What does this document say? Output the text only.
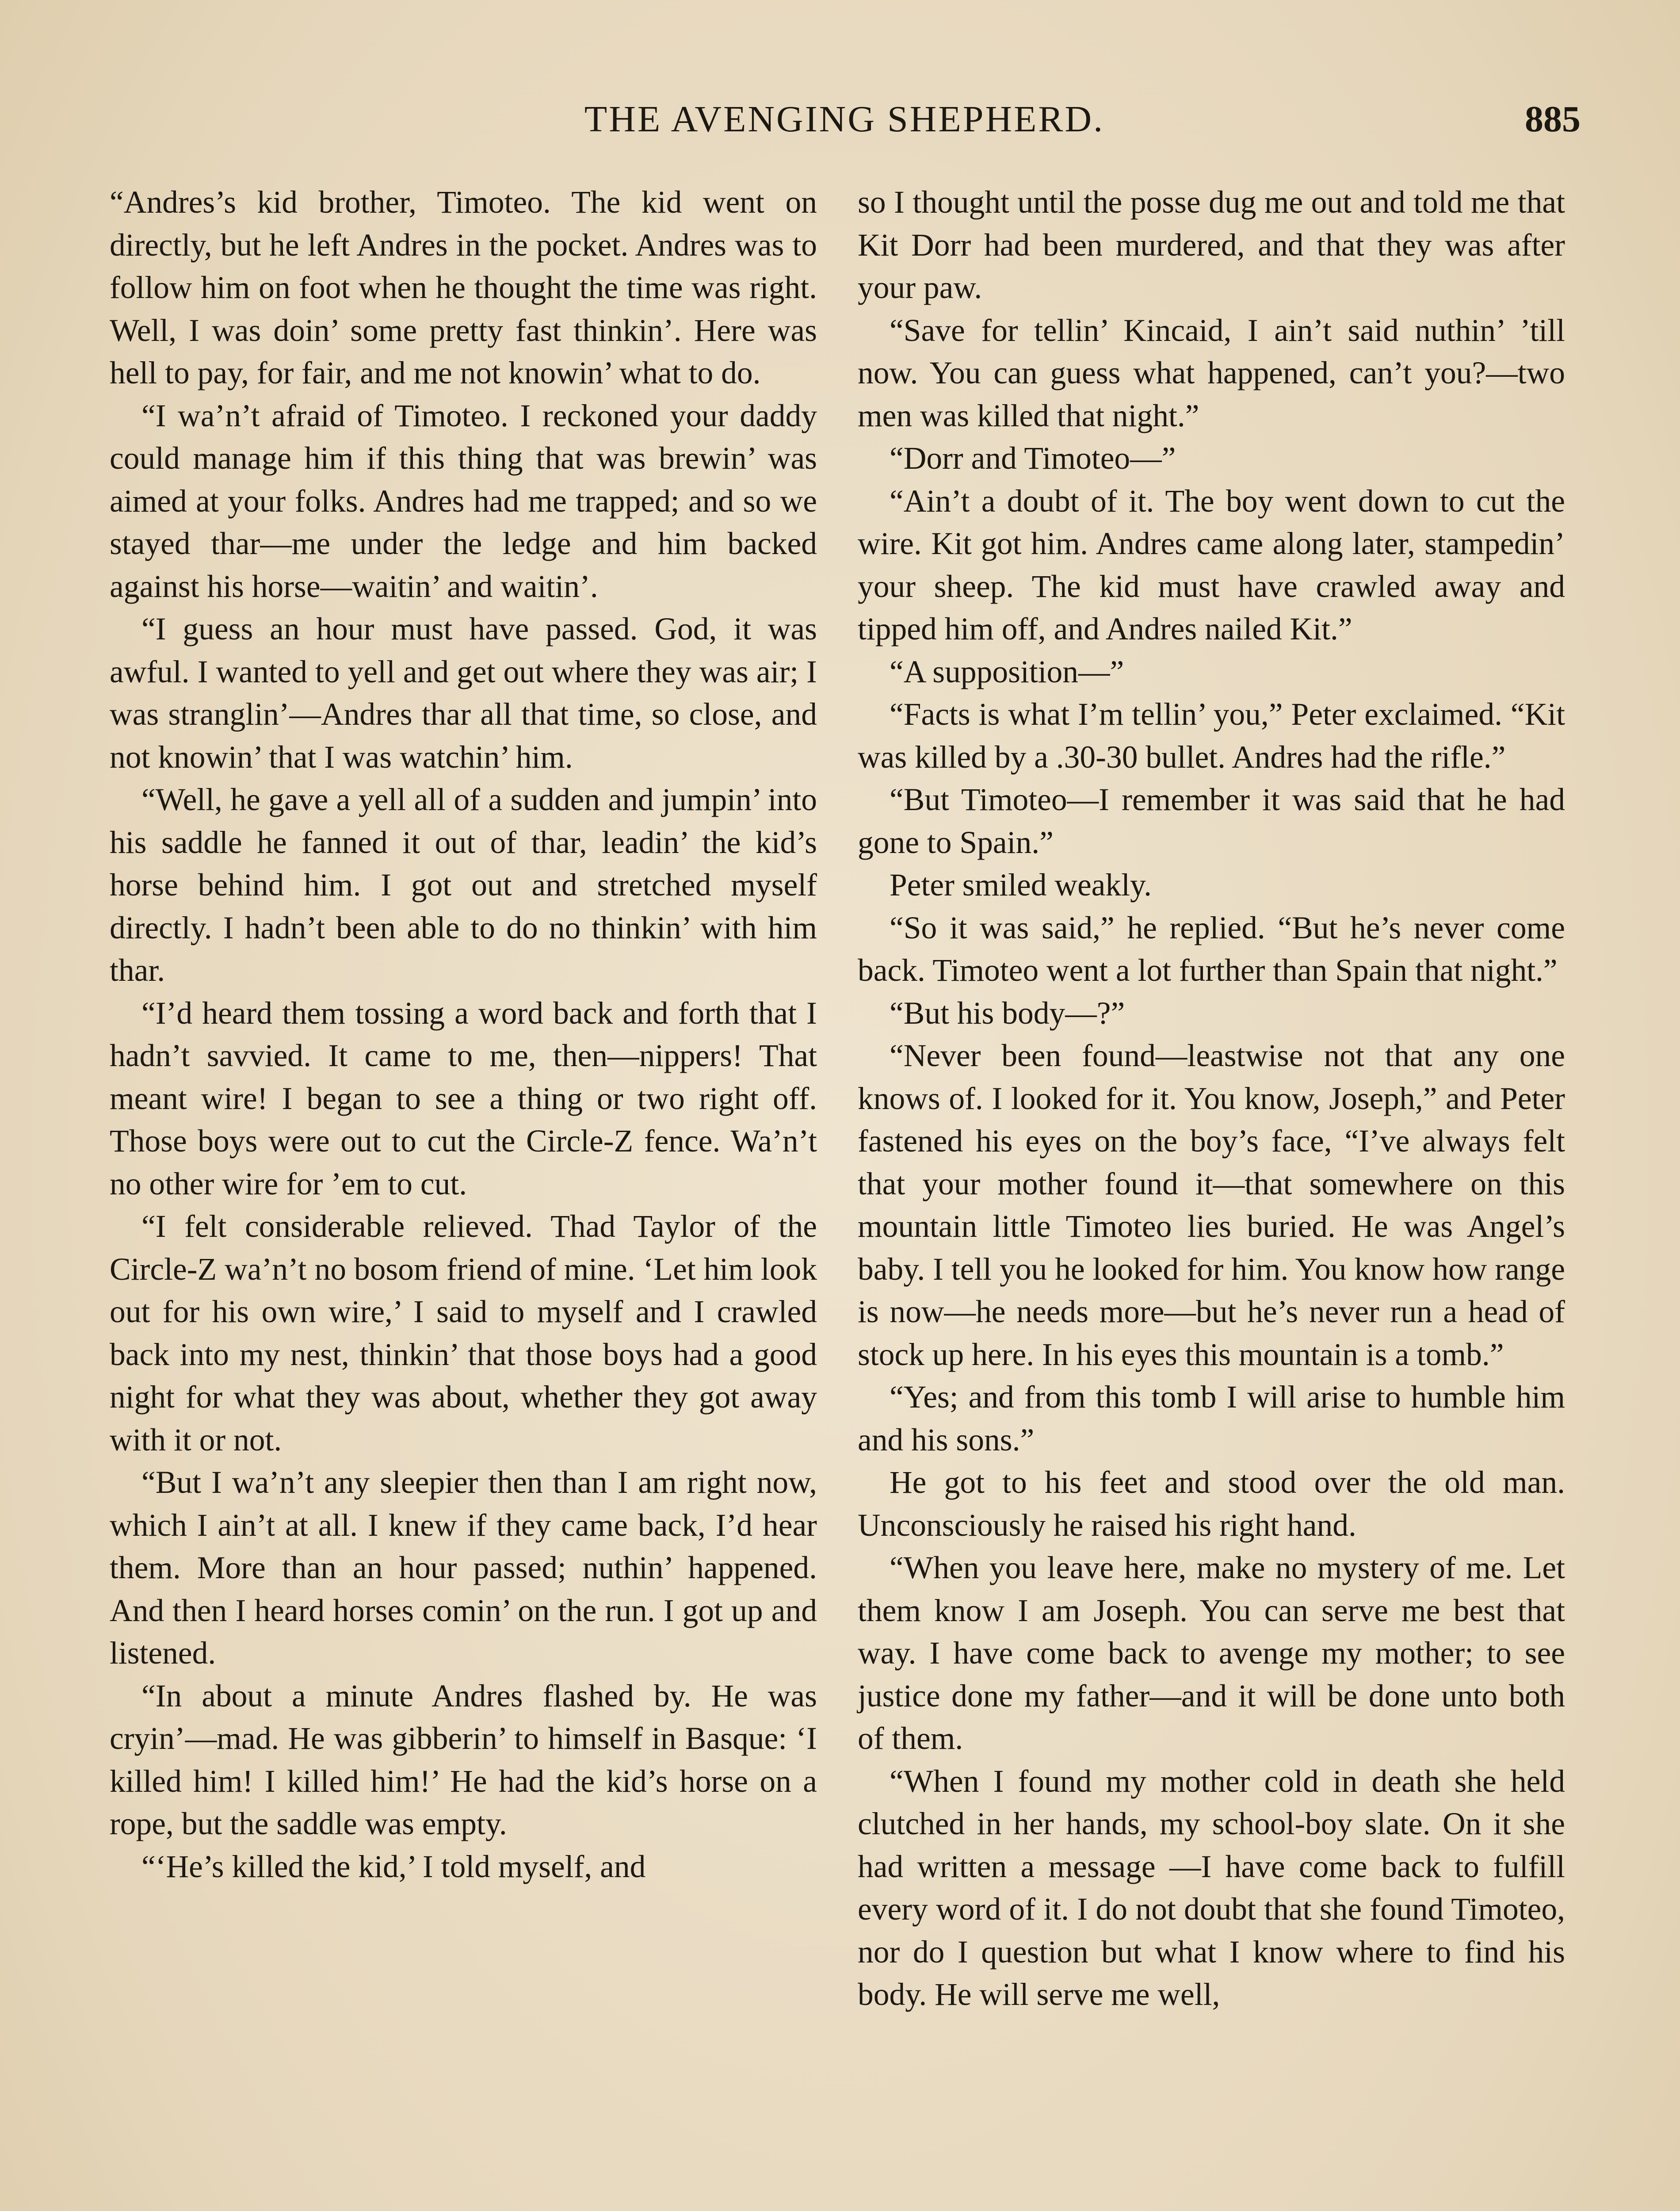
THE AVENGING SHEPHERD.	885

“Andres’s kid brother, Timoteo. The kid went on directly, but he left Andres in the pocket. Andres was to follow him on foot when he thought the time was right. Well, I was doin’ some pretty fast thinkin’. Here was hell to pay, for fair, and me not knowin’ what to do.

“I wa’n’t afraid of Timoteo. I reckoned your daddy could manage him if this thing that was brewin’ was aimed at your folks. Andres had me trapped; and so we stayed thar—me under the ledge and him backed against his horse—waitin’ and waitin’.

“I guess an hour must have passed. God, it was awful. I wanted to yell and get out where they was air; I was stranglin’—Andres thar all that time, so close, and not knowin’ that I was watchin’ him.

“Well, he gave a yell all of a sudden and jumpin’ into his saddle he fanned it out of thar, leadin’ the kid’s horse behind him. I got out and stretched myself directly. I hadn’t been able to do no thinkin’ with him thar.

“I’d heard them tossing a word back and forth that I hadn’t savvied. It came to me, then—nippers! That meant wire! I began to see a thing or two right off. Those boys were out to cut the Circle-Z fence. Wa’n’t no other wire for ’em to cut.

“I felt considerable relieved. Thad Taylor of the Circle-Z wa’n’t no bosom friend of mine. ‘Let him look out for his own wire,’ I said to myself and I crawled back into my nest, thinkin’ that those boys had a good night for what they was about, whether they got away with it or not.

“But I wa’n’t any sleepier then than I am right now, which I ain’t at all. I knew if they came back, I’d hear them. More than an hour passed; nuthin’ happened. And then I heard horses comin’ on the run. I got up and listened.

“In about a minute Andres flashed by. He was cryin’—mad. He was gibberin’ to himself in Basque: ‘I killed him! I killed him!’ He had the kid’s horse on a rope, but the saddle was empty.

“‘He’s killed the kid,’ I told myself, and

so I thought until the posse dug me out and told me that Kit Dorr had been murdered, and that they was after your paw.

“Save for tellin’ Kincaid, I ain’t said nuthin’ ’till now. You can guess what happened, can’t you?—two men was killed that night.”

“Dorr and Timoteo—”

“Ain’t a doubt of it. The boy went down to cut the wire. Kit got him. Andres came along later, stampedin’ your sheep. The kid must have crawled away and tipped him off, and Andres nailed Kit.”

“A supposition—”

“Facts is what I’m tellin’ you,” Peter exclaimed. “Kit was killed by a .30-30 bullet. Andres had the rifle.”

“But Timoteo—I remember it was said that he had gone to Spain.”

Peter smiled weakly.

“So it was said,” he replied. “But he’s never come back. Timoteo went a lot further than Spain that night.”

“But his body—?”

“Never been found—leastwise not that any one knows of. I looked for it. You know, Joseph,” and Peter fastened his eyes on the boy’s face, “I’ve always felt that your mother found it—that somewhere on this mountain little Timoteo lies buried. He was Angel’s baby. I tell you he looked for him. You know how range is now—he needs more—but he’s never run a head of stock up here. In his eyes this mountain is a tomb.”

“Yes; and from this tomb I will arise to humble him and his sons.”

He got to his feet and stood over the old man. Unconsciously he raised his right hand.

“When you leave here, make no mystery of me. Let them know I am Joseph. You can serve me best that way. I have come back to avenge my mother; to see justice done my father—and it will be done unto both of them.

“When I found my mother cold in death she held clutched in her hands, my school-boy slate. On it she had written a message —I have come back to fulfill every word of it. I do not doubt that she found Timoteo, nor do I question but what I know where to find his body. He will serve me well,
